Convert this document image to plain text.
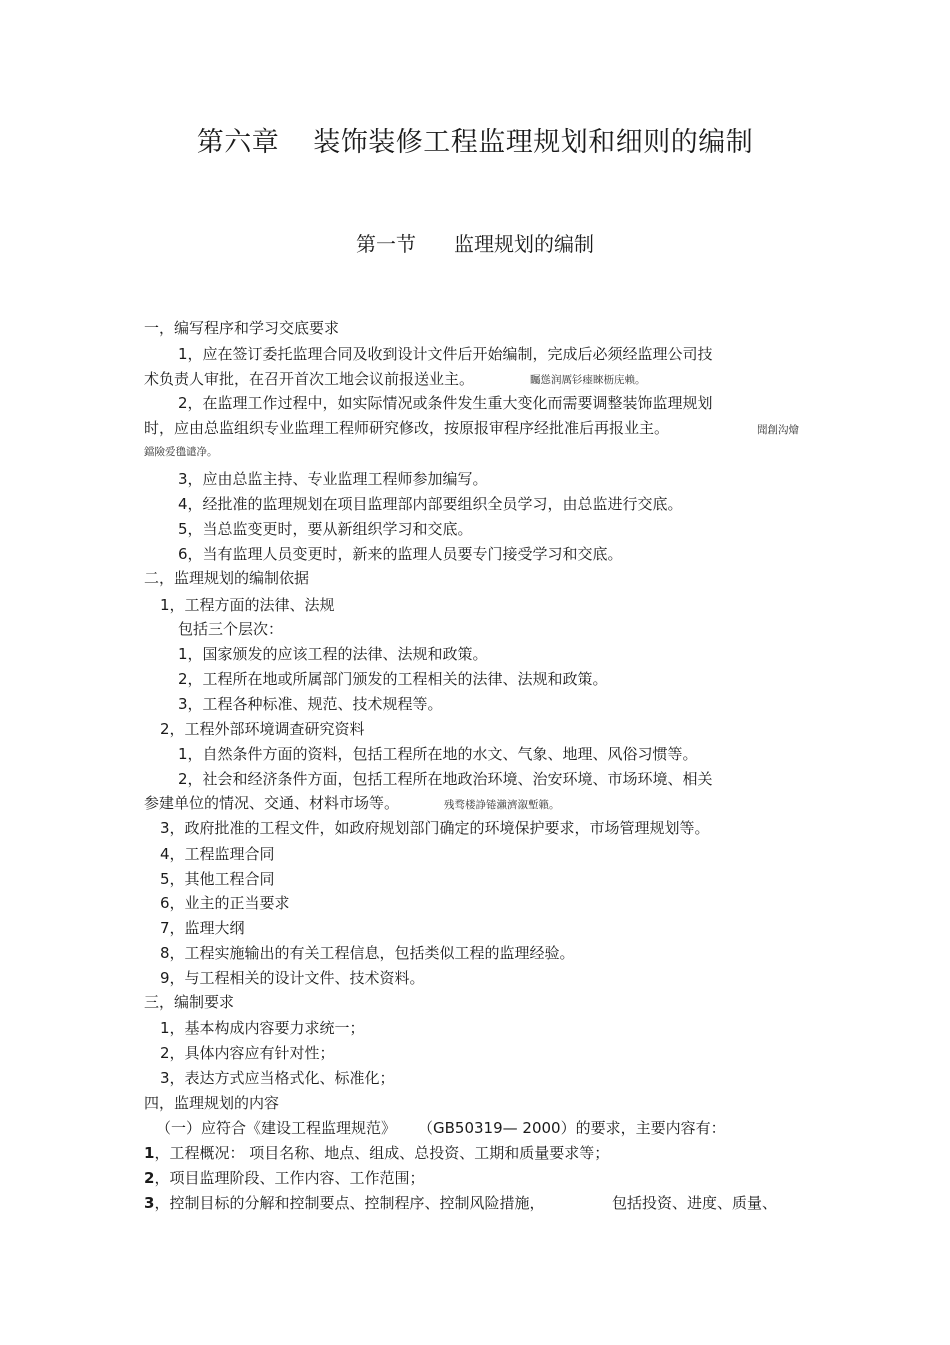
第六章 装饰装修工程监理规划和细则的编制
第一节 监理规划的编制
一，编写程序和学习交底要求
1，应在签订委托监理合同及收到设计文件后开始编制，完成后必须经监理公司技
术负责人审批，在召开首次工地会议前报送业主。	矚慫润厲钐瘗睞枥庑赖。
2，在监理工作过程中，如实际情况或条件发生重大变化而需要调整装饰监理规划
时，应由总监组织专业监理工程师研究修改，按原报审程序经批准后再报业主。	聞創沟燴
鐺險爱氇谴净。
3，应由总监主持、专业监理工程师参加编写。
4，经批准的监理规划在项目监理部内部要组织全员学习，由总监进行交底。
5，当总监变更时，要从新组织学习和交底。
6，当有监理人员变更时，新来的监理人员要专门接受学习和交底。
二，监理规划的编制依据
1，工程方面的法律、法规
包括三个层次：
1，国家颁发的应该工程的法律、法规和政策。
2，工程所在地或所属部门颁发的工程相关的法律、法规和政策。
3，工程各种标准、规范、技术规程等。
2，工程外部环境调查研究资料
1，自然条件方面的资料，包括工程所在地的水文、气象、地理、风俗习惯等。
2，社会和经济条件方面，包括工程所在地政治环境、治安环境、市场环境、相关
参建单位的情况、交通、材料市场等。	残骛楼諍锩瀨濟溆塹籟。
3，政府批准的工程文件，如政府规划部门确定的环境保护要求，市场管理规划等。
4，工程监理合同
5，其他工程合同
6，业主的正当要求
7，监理大纲
8，工程实施输出的有关工程信息，包括类似工程的监理经验。
9，与工程相关的设计文件、技术资料。
三，编制要求
1，基本构成内容要力求统一；
2，具体内容应有针对性；
3，表达方式应当格式化、标准化；
四，监理规划的内容
（一）应符合《建设工程监理规范》 （GB50319— 2000）的要求，主要内容有：
1，工程概况： 项目名称、地点、组成、总投资、工期和质量要求等；
2，项目监理阶段、工作内容、工作范围；
3，控制目标的分解和控制要点、控制程序、控制风险措施，	包括投资、进度、质量、
